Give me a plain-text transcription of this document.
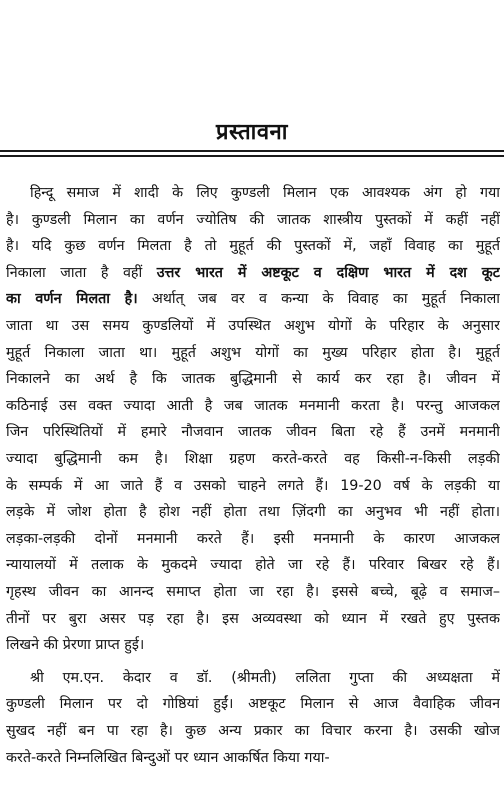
प्रस्तावना
हिन्दू समाज में शादी के लिए कुण्डली मिलान एक आवश्यक अंग हो गया
है। कुण्डली मिलान का वर्णन ज्योतिष की जातक शास्त्रीय पुस्तकों में कहीं नहीं
है। यदि कुछ वर्णन मिलता है तो मुहूर्त की पुस्तकों में, जहाँ विवाह का मुहूर्त
निकाला जाता है वहीं उत्तर भारत में अष्टकूट व दक्षिण भारत में दश कूट
का वर्णन मिलता है। अर्थात्‌ जब वर व कन्या के विवाह का मुहूर्त निकाला
जाता था उस समय कुण्डलियों में उपस्थित अशुभ योगों के परिहार के अनुसार
मुहूर्त निकाला जाता था। मुहूर्त अशुभ योगों का मुख्य परिहार होता है। मुहूर्त
निकालने का अर्थ है कि जातक बुद्धिमानी से कार्य कर रहा है। जीवन में
कठिनाई उस वक्त ज्यादा आती है जब जातक मनमानी करता है। परन्तु आजकल
जिन परिस्थितियों में हमारे नौजवान जातक जीवन बिता रहे हैं उनमें मनमानी
ज्यादा बुद्धिमानी कम है। शिक्षा ग्रहण करते-करते वह किसी-न-किसी लड़की
के सम्पर्क में आ जाते हैं व उसको चाहने लगते हैं। 19-20 वर्ष के लड़की या
लड़के में जोश होता है होश नहीं होता तथा ज़िंदगी का अनुभव भी नहीं होता।
लड़का-लड़की दोनों मनमानी करते हैं। इसी मनमानी के कारण आजकल
न्यायालयों में तलाक के मुकदमे ज्यादा होते जा रहे हैं। परिवार बिखर रहे हैं।
गृहस्थ जीवन का आनन्द समाप्त होता जा रहा है। इससे बच्चे, बूढ़े व समाज–
तीनों पर बुरा असर पड़ रहा है। इस अव्यवस्था को ध्यान में रखते हुए पुस्तक
लिखने की प्रेरणा प्राप्त हुई।
श्री एम.एन. केदार व डॉ. (श्रीमती) ललिता गुप्ता की अध्यक्षता में
कुण्डली मिलान पर दो गोष्ठियां हुईं। अष्टकूट मिलान से आज वैवाहिक जीवन
सुखद नहीं बन पा रहा है। कुछ अन्य प्रकार का विचार करना है। उसकी खोज
करते-करते निम्नलिखित बिन्दुओं पर ध्यान आकर्षित किया गया-
